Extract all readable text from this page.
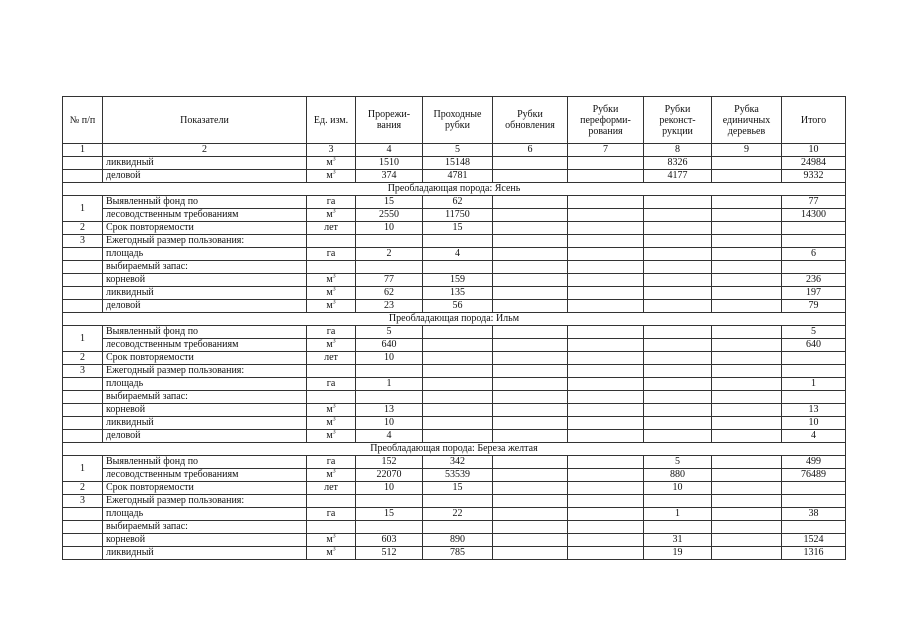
№ п/п	Показатели	Ед. изм.	Прорежи-вания	Проходные рубки	Рубки обновления	Рубки переформи-рования	Рубки реконст-рукции	Рубка единичных деревьев	Итого
1	2	3	4	5	6	7	8	9	10
	ликвидный	$м^3$	1510	15148			8326		24984
	деловой	$м^3$	374	4781			4177		9332
Преобладающая порода: Ясень									
1	Выявленный фонд по	га	15	62					77
	лесоводственным требованиям	$м^3$	2550	11750					14300
2	Срок повторяемости	лет	10	15					
3	Ежегодный размер пользования:								
	площадь	га	2	4					6
	выбираемый запас:								
	корневой	$м^3$	77	159					236
	ликвидный	$м^3$	62	135					197
	деловой	$м^3$	23	56					79
Преобладающая порода: Ильм									
1	Выявленный фонд по	га	5						5
	лесоводственным требованиям	$м^3$	640						640
2	Срок повторяемости	лет	10						
3	Ежегодный размер пользования:								
	площадь	га	1						1
	выбираемый запас:								
	корневой	$м^3$	13						13
	ликвидный	$м^3$	10						10
	деловой	$м^3$	4						4
Преобладающая порода: Береза желтая									
1	Выявленный фонд по	га	152	342			5		499
	лесоводственным требованиям	$м^3$	22070	53539			880		76489
2	Срок повторяемости	лет	10	15			10		
3	Ежегодный размер пользования:								
	площадь	га	15	22			1		38
	выбираемый запас:								
	корневой	$м^3$	603	890			31		1524
	ликвидный	$м^3$	512	785			19		1316
